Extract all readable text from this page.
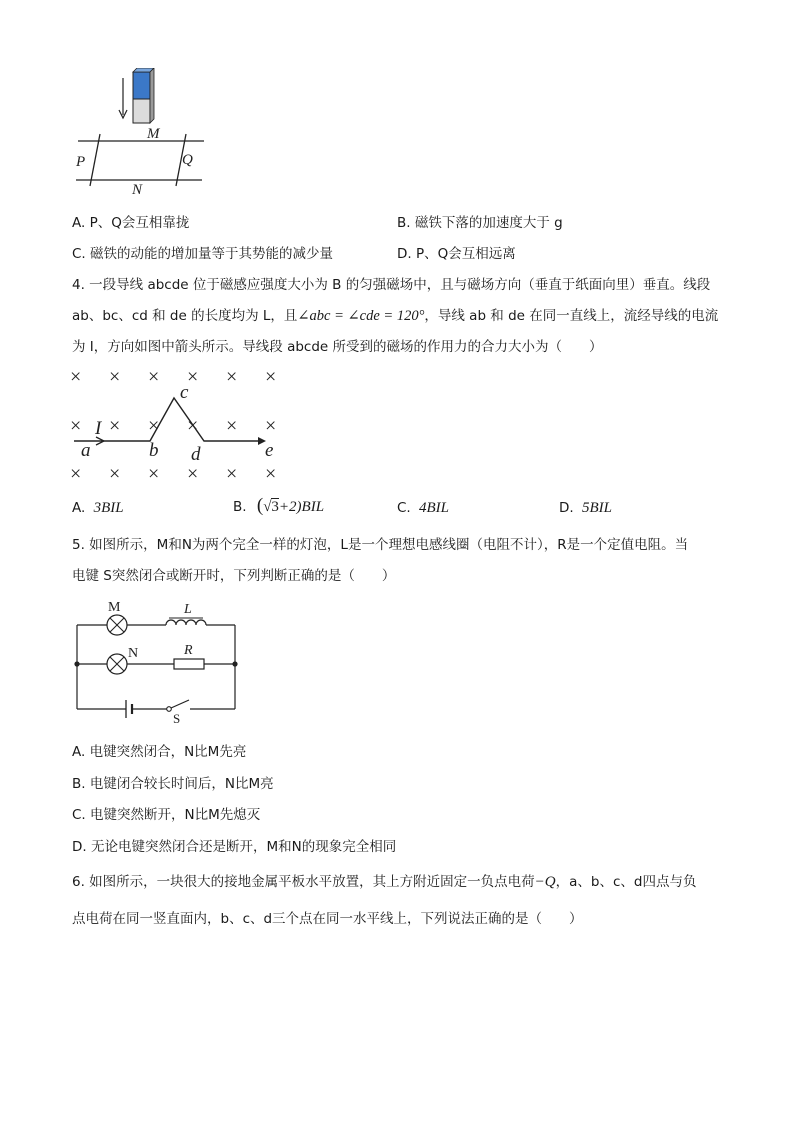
M
P	Q
N
A. P、Q会互相靠拢	B. 磁铁下落的加速度大于 g
C. 磁铁的动能的增加量等于其势能的减少量	D. P、Q会互相远离
4. 一段导线 abcde 位于磁感应强度大小为 B 的匀强磁场中，且与磁场方向（垂直于纸面向里）垂直。线段
ab、bc、cd 和 de 的长度均为 L，且∠abc = ∠cde = 120°，导线 ab 和 de 在同一直线上，流经导线的电流
为 I，方向如图中箭头所示。导线段 abcde 所受到的磁场的作用力的合力大小为（　　）
× × × × × ×
× × × × × ×
× × × × × ×
I
a	b
c
d	e
A. 3BIL	B. (√3+2)BIL	C. 4BIL	D. 5BIL
5. 如图所示，M和N为两个完全一样的灯泡，L是一个理想电感线圈（电阻不计），R是一个定值电阻。当
电键 S突然闭合或断开时，下列判断正确的是（　　）
M	L
N	R
S
A. 电键突然闭合，N比M先亮
B. 电键闭合较长时间后，N比M亮
C. 电键突然断开，N比M先熄灭
D. 无论电键突然闭合还是断开，M和N的现象完全相同
6. 如图所示，一块很大的接地金属平板水平放置，其上方附近固定一负点电荷−Q，a、b、c、d四点与负
点电荷在同一竖直面内，b、c、d三个点在同一水平线上，下列说法正确的是（　　）
